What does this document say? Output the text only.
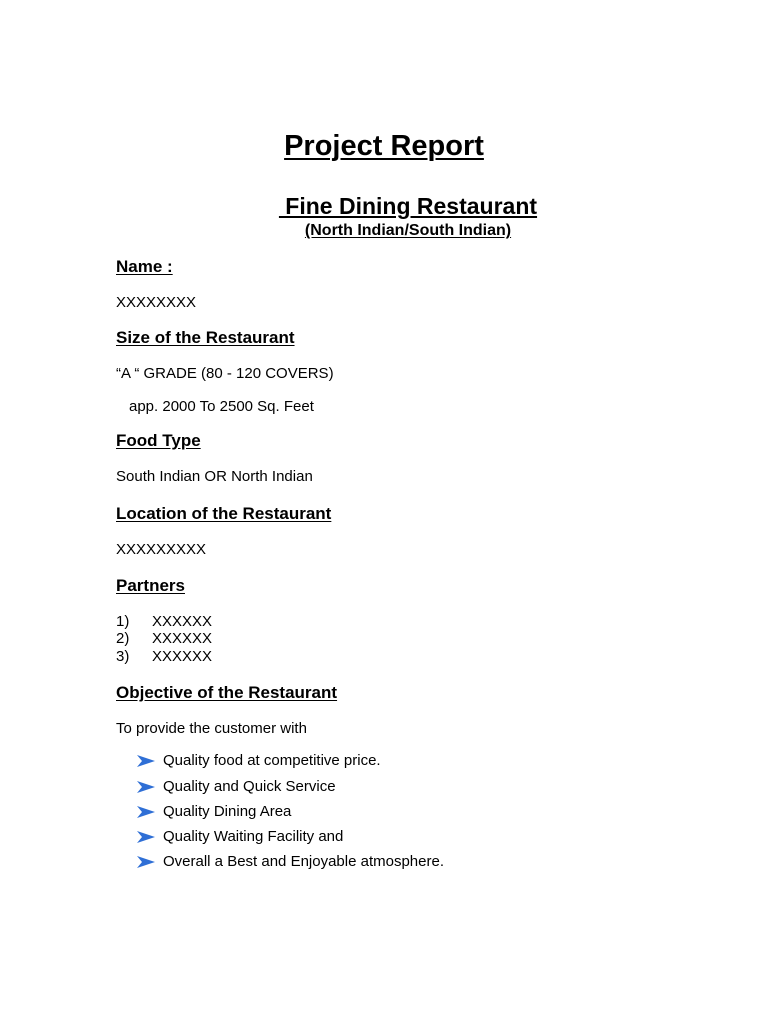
Project Report
Fine Dining Restaurant
(North Indian/South Indian)
Name :
XXXXXXXX
Size of the Restaurant
“A “ GRADE (80 - 120 COVERS)
app. 2000 To 2500 Sq. Feet
Food Type
South Indian OR North Indian
Location of the Restaurant
XXXXXXXXX
Partners
1) XXXXXX
2) XXXXXX
3) XXXXXX
Objective of the Restaurant
To provide the customer with
Quality food at competitive price.
Quality and Quick Service
Quality Dining Area
Quality Waiting Facility and
Overall a Best and Enjoyable atmosphere.
